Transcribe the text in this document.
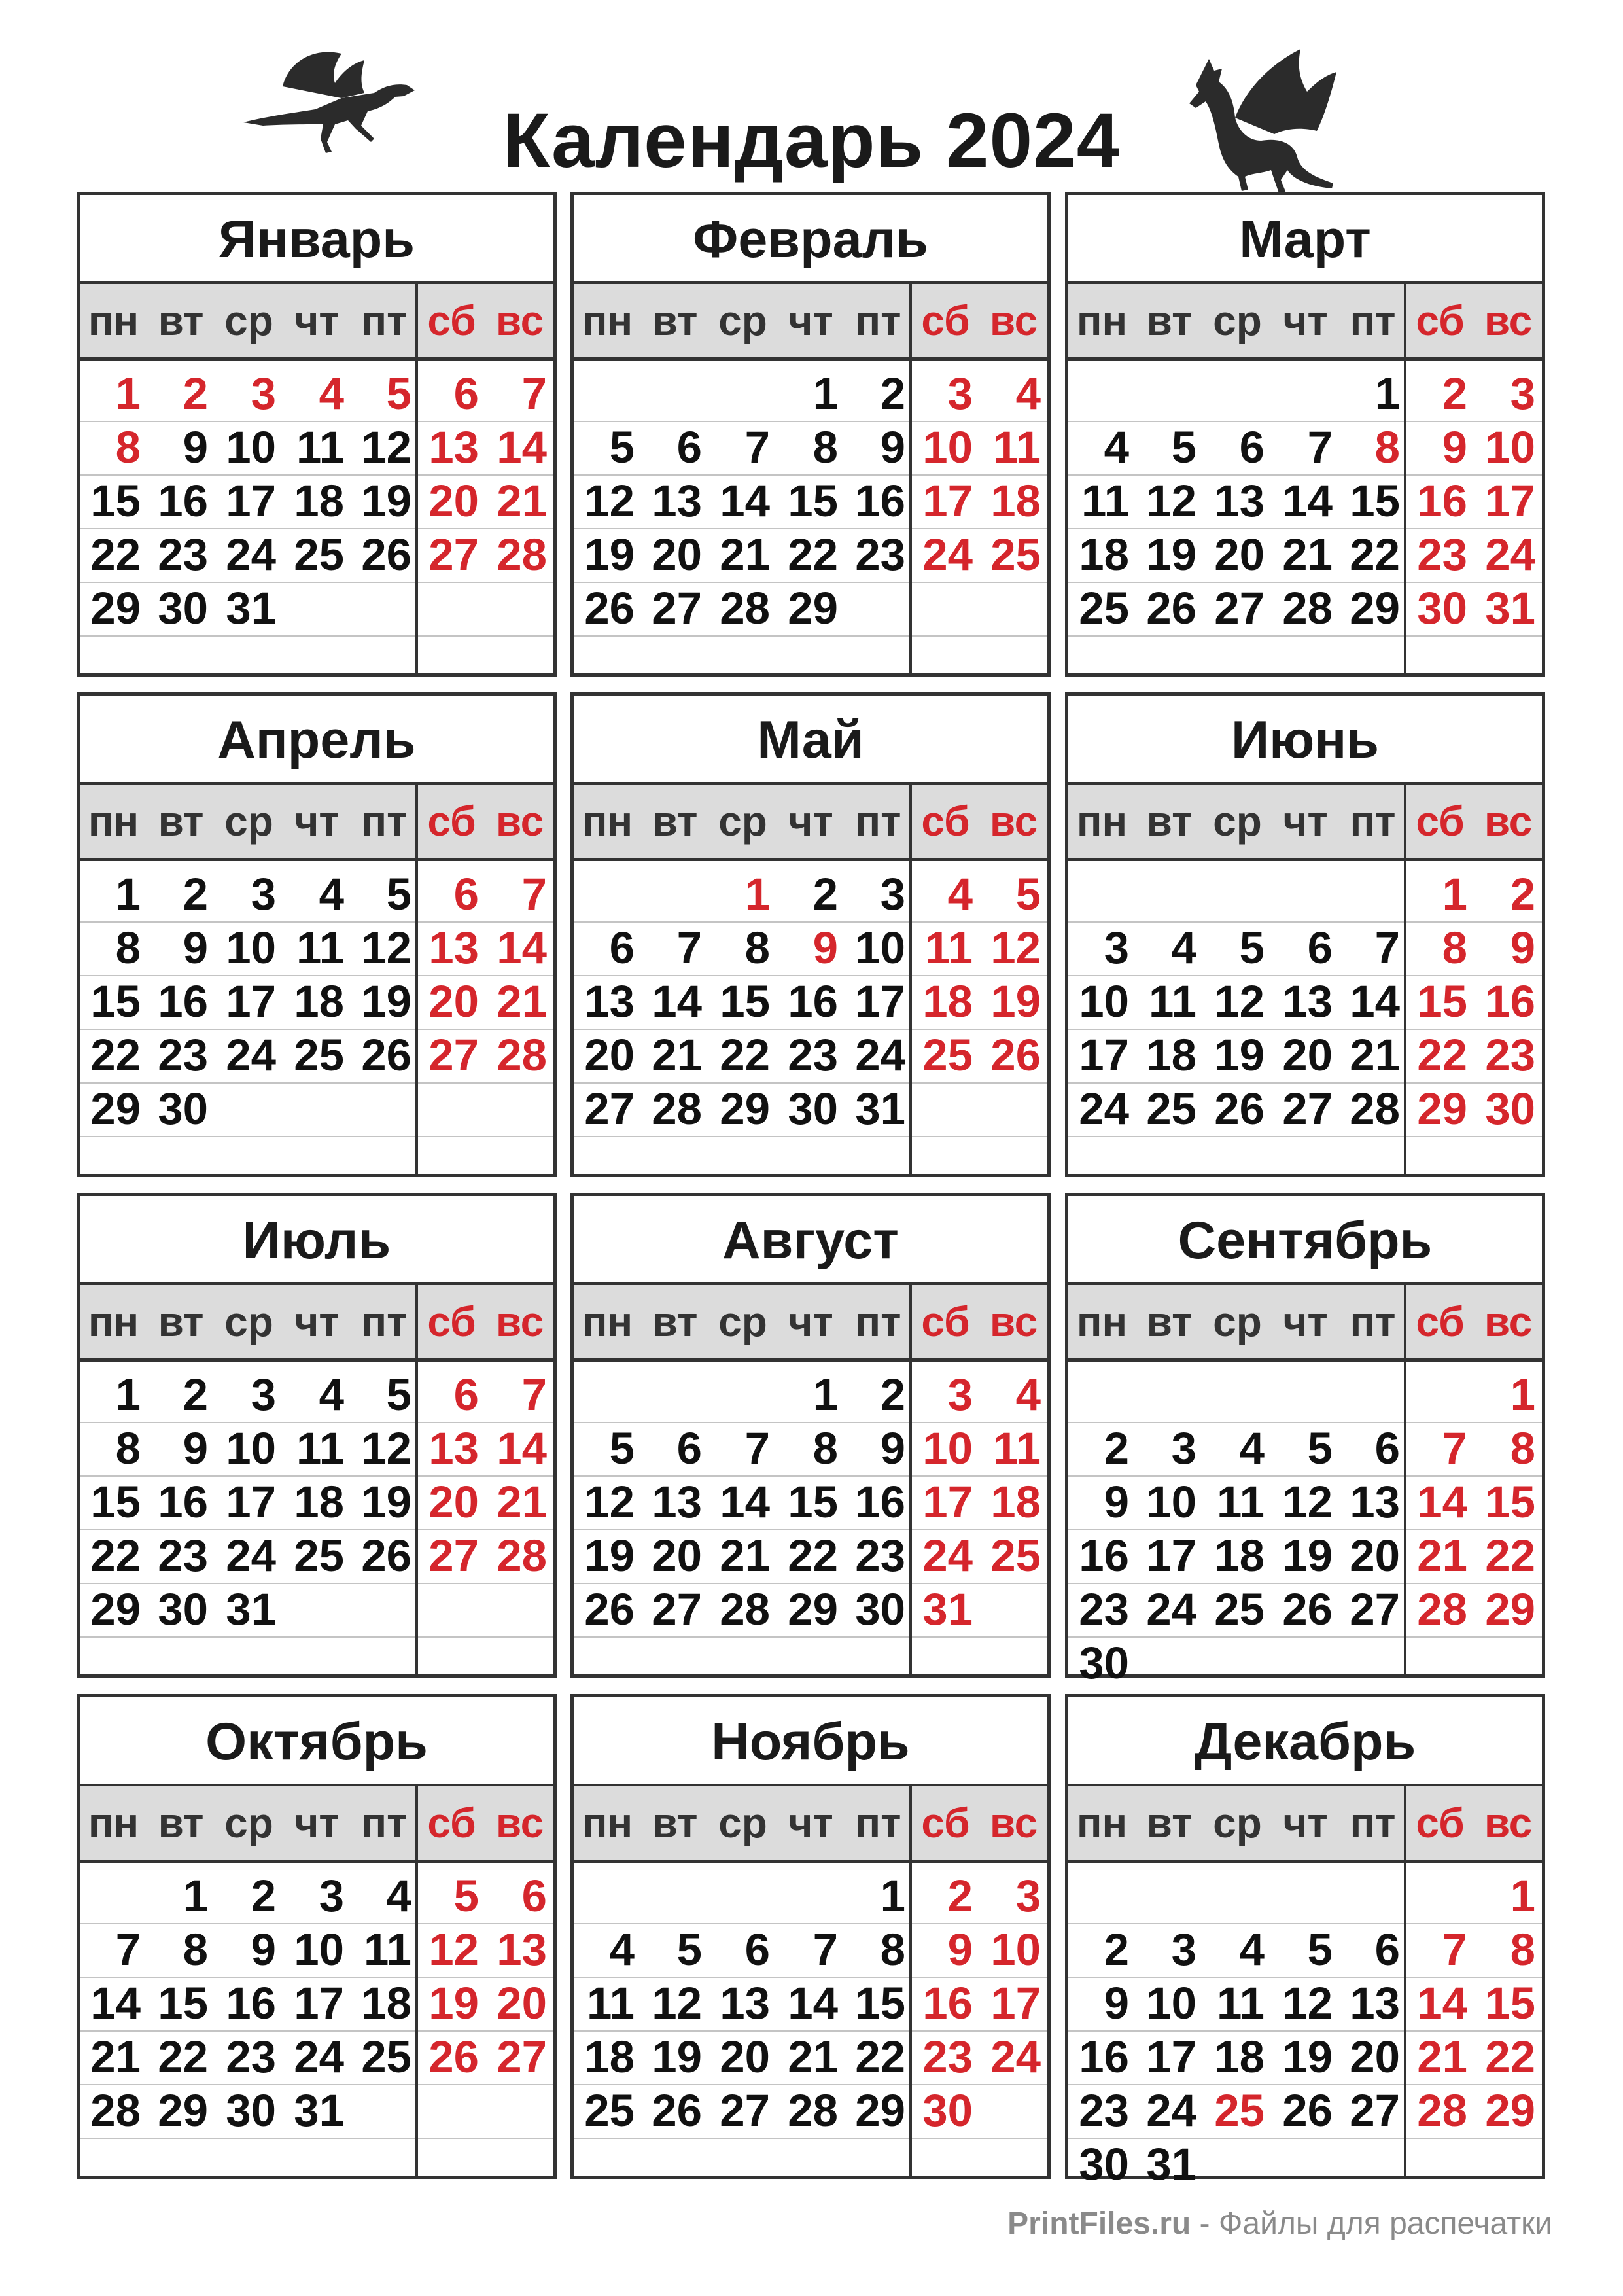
Календарь 2024
Январь
пн вт ср чт пт сб вс
1 2 3 4 5 6 7
8 9 10 11 12 13 14
15 16 17 18 19 20 21
22 23 24 25 26 27 28
29 30 31
Февраль
пн вт ср чт пт сб вс
1 2 3 4
5 6 7 8 9 10 11
12 13 14 15 16 17 18
19 20 21 22 23 24 25
26 27 28 29
Март
пн вт ср чт пт сб вс
1 2 3
4 5 6 7 8 9 10
11 12 13 14 15 16 17
18 19 20 21 22 23 24
25 26 27 28 29 30 31
Апрель
пн вт ср чт пт сб вс
1 2 3 4 5 6 7
8 9 10 11 12 13 14
15 16 17 18 19 20 21
22 23 24 25 26 27 28
29 30
Май
пн вт ср чт пт сб вс
1 2 3 4 5
6 7 8 9 10 11 12
13 14 15 16 17 18 19
20 21 22 23 24 25 26
27 28 29 30 31
Июнь
пн вт ср чт пт сб вс
1 2
3 4 5 6 7 8 9
10 11 12 13 14 15 16
17 18 19 20 21 22 23
24 25 26 27 28 29 30
Июль
пн вт ср чт пт сб вс
1 2 3 4 5 6 7
8 9 10 11 12 13 14
15 16 17 18 19 20 21
22 23 24 25 26 27 28
29 30 31
Август
пн вт ср чт пт сб вс
1 2 3 4
5 6 7 8 9 10 11
12 13 14 15 16 17 18
19 20 21 22 23 24 25
26 27 28 29 30 31
Сентябрь
пн вт ср чт пт сб вс
1
2 3 4 5 6 7 8
9 10 11 12 13 14 15
16 17 18 19 20 21 22
23 24 25 26 27 28 29
30
Октябрь
пн вт ср чт пт сб вс
1 2 3 4 5 6
7 8 9 10 11 12 13
14 15 16 17 18 19 20
21 22 23 24 25 26 27
28 29 30 31
Ноябрь
пн вт ср чт пт сб вс
1 2 3
4 5 6 7 8 9 10
11 12 13 14 15 16 17
18 19 20 21 22 23 24
25 26 27 28 29 30
Декабрь
пн вт ср чт пт сб вс
1
2 3 4 5 6 7 8
9 10 11 12 13 14 15
16 17 18 19 20 21 22
23 24 25 26 27 28 29
30 31
PrintFiles.ru - Файлы для распечатки
